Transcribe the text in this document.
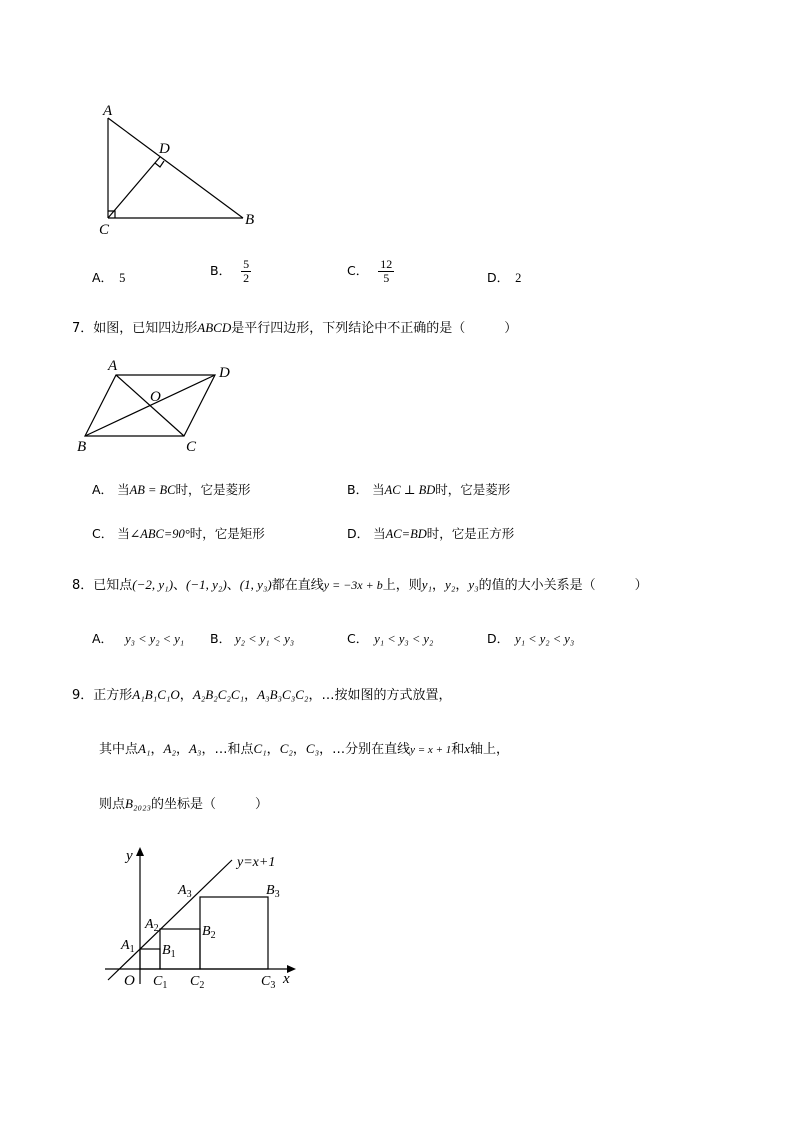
A
D
C
B
A． 5	B． $\frac{5}{2}$	C． $\frac{12}{5}$	D． 2
7．如图，已知四边形ABCD是平行四边形，下列结论中不正确的是（　　　）
A	D
O
B	C
A． 当AB = BC时，它是菱形	B． 当AC ⊥ BD时，它是菱形
C． 当∠ABC=90°时，它是矩形	D． 当AC=BD时，它是正方形
8．已知点(−2, y₁)、(−1, y₂)、(1, y₃)都在直线y = −3x + b上，则y₁，y₂，y₃的值的大小关系是（　　　）
A． y₃ < y₂ < y₁ B． y₂ < y₁ < y₃	C． y₁ < y₃ < y₂	D． y₁ < y₂ < y₃
9．正方形A₁B₁C₁O，A₂B₂C₂C₁，A₃B₃C₃C₂，…按如图的方式放置，
其中点A₁，A₂，A₃，…和点C₁，C₂，C₃，…分别在直线y = x + 1和x轴上，
则点B₂₀₂₃的坐标是（　　　）
y
x
O
y=x+1
$A_1$
$A_2$
$A_3$
$B_1$
$B_2$
$B_3$
$C_1$ $C_2$	$C_3$
